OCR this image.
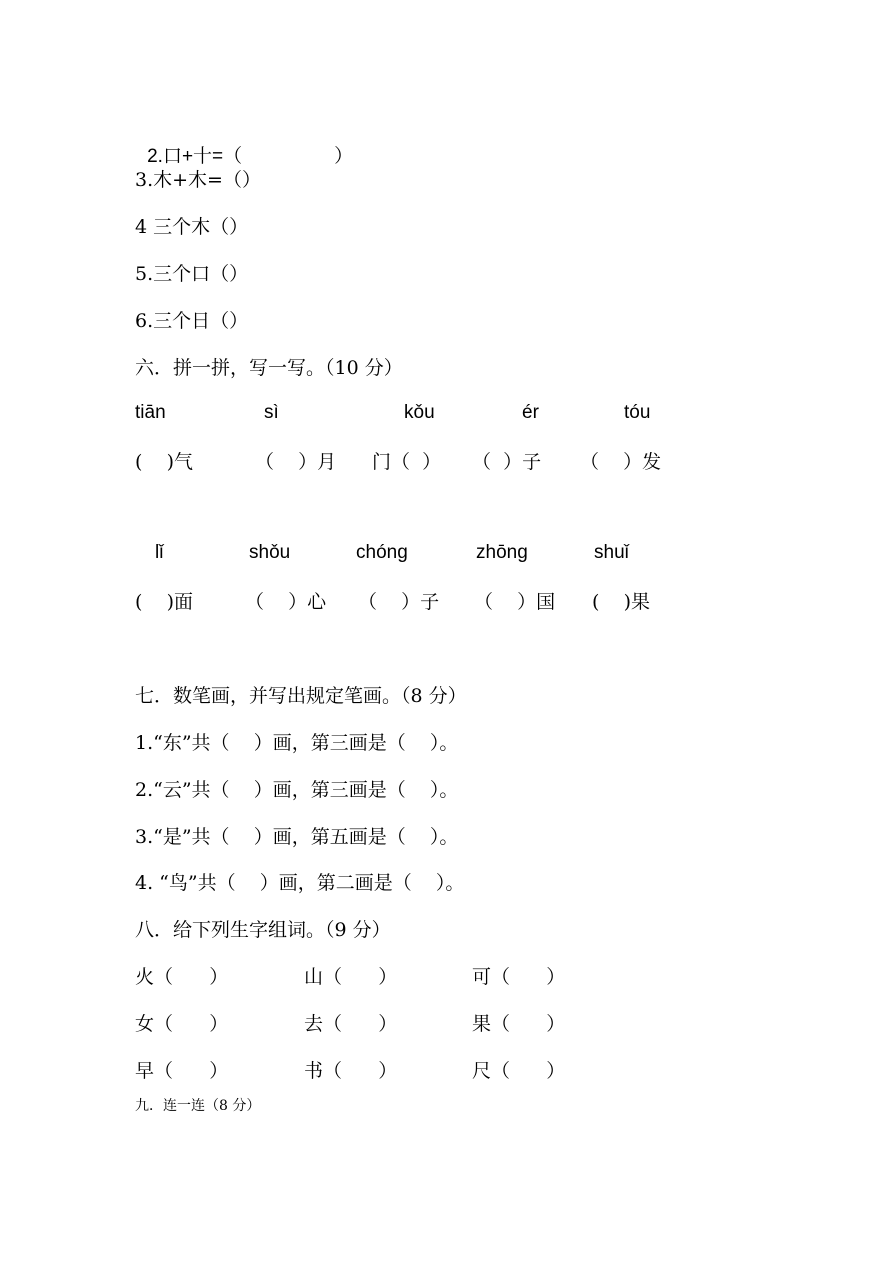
2.口+十=（	）

3.木+木=（）
4 三个木（）
5.三个口（）
6.三个日（）
六．拼一拼，写一写。（10 分）
tiān	sì	kǒu	ér	tóu
(    )气	（    ）月 门（  ） （  ）子 （    ）发
lǐ	shǒu	chóng	zhōng	shuǐ
(    )面	（    ）心 （    ）子 （    ）国 (    )果
七．数笔画，并写出规定笔画。（8 分）
1.“东”共（    ）画，第三画是（    ）。
2.“云”共（    ）画，第三画是（    ）。
3.“是”共（    ）画，第五画是（    ）。
4. “鸟”共（    ）画，第二画是（    ）。
八．给下列生字组词。（9 分）
火（      ）	山（      ）	可（      ）
女（      ）	去（      ）	果（      ）
早（      ）	书（      ）	尺（      ）
九．连一连（8 分）
